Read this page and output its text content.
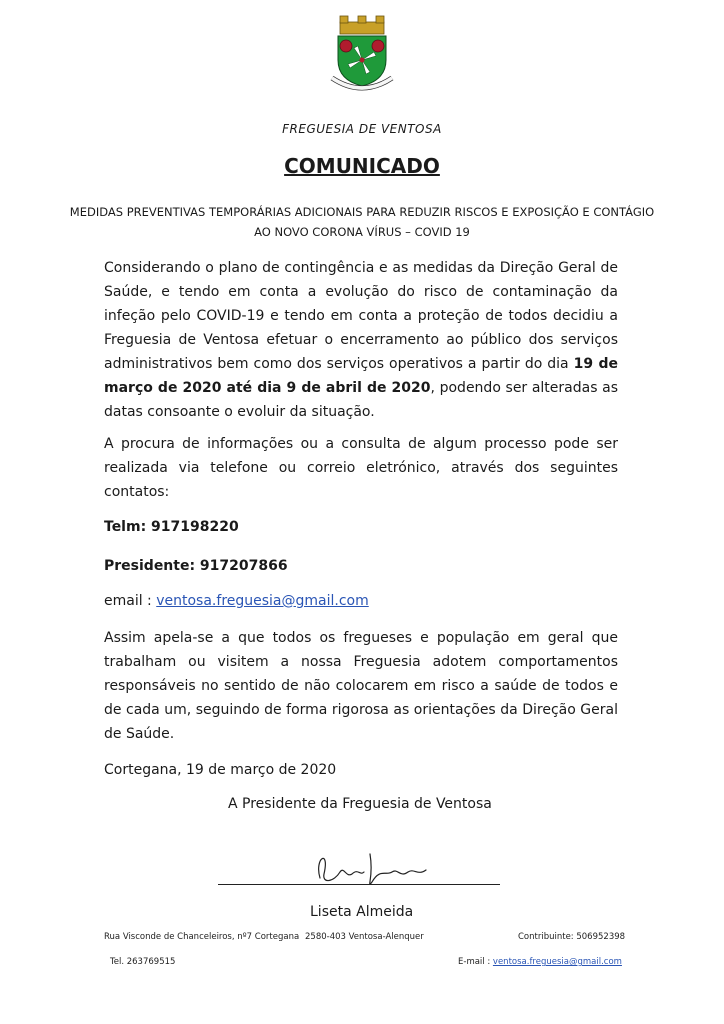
FREGUESIA DE VENTOSA
COMUNICADO
MEDIDAS PREVENTIVAS TEMPORÁRIAS ADICIONAIS PARA REDUZIR RISCOS E EXPOSIÇÃO E CONTÁGIO AO NOVO CORONA VÍRUS – COVID 19
Considerando o plano de contingência e as medidas da Direção Geral de Saúde, e tendo em conta a evolução do risco de contaminação da infeção pelo COVID-19 e tendo em conta a proteção de todos decidiu a Freguesia de Ventosa efetuar o encerramento ao público dos serviços administrativos bem como dos serviços operativos a partir do dia 19 de março de 2020 até dia 9 de abril de 2020, podendo ser alteradas as datas consoante o evoluir da situação.
A procura de informações ou a consulta de algum processo pode ser realizada via telefone ou correio eletrónico, através dos seguintes contatos:
Telm: 917198220
Presidente: 917207866
email : ventosa.freguesia@gmail.com
Assim apela-se a que todos os fregueses e população em geral que trabalham ou visitem a nossa Freguesia adotem comportamentos responsáveis no sentido de não colocarem em risco a saúde de todos e de cada um, seguindo de forma rigorosa as orientações da Direção Geral de Saúde.
Cortegana, 19 de março de 2020
A Presidente da Freguesia de Ventosa
Liseta Almeida
Rua Visconde de Chanceleiros, nº7 Cortegana 2580-403 Ventosa-Alenquer	Contribuinte: 506952398
Tel. 263769515	E-mail : ventosa.freguesia@gmail.com
